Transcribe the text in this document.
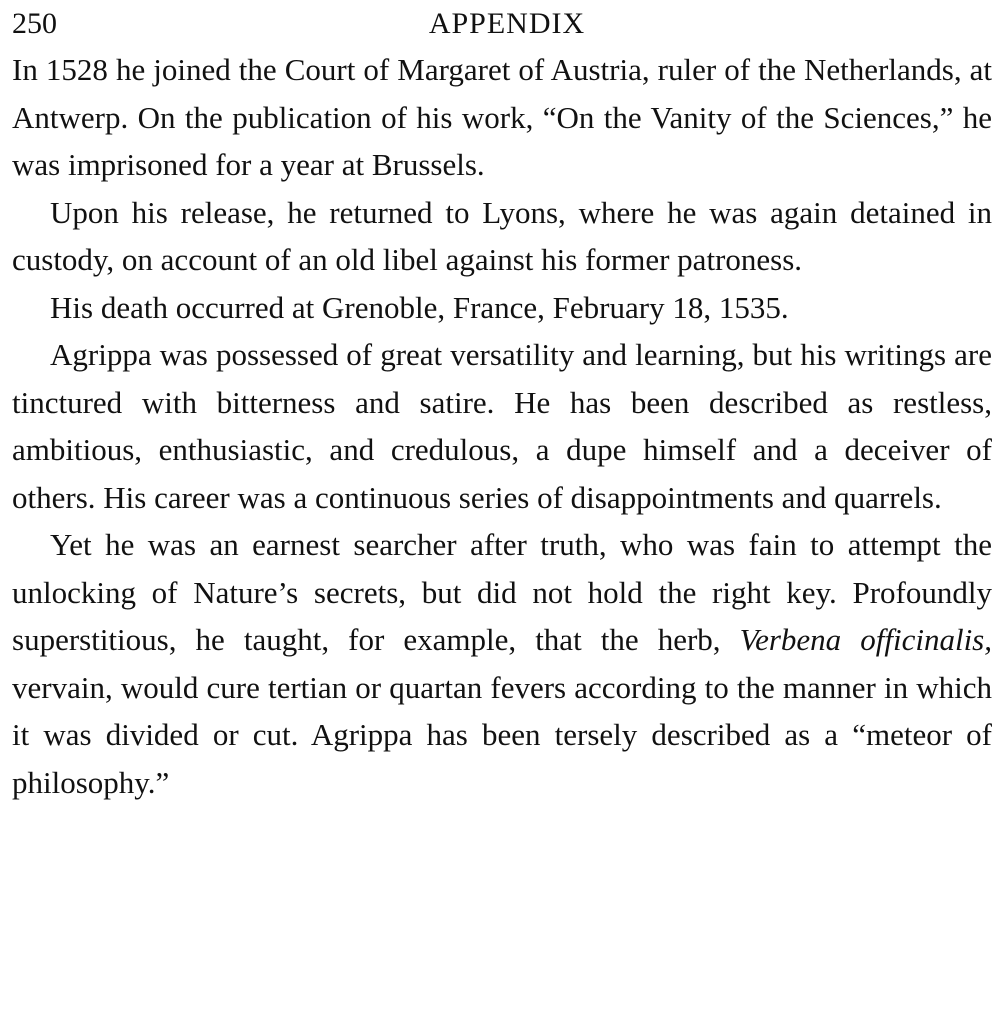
250	APPENDIX

In 1528 he joined the Court of Margaret of Austria, ruler of the Netherlands, at Antwerp. On the publication of his work, “On the Vanity of the Sciences,” he was imprisoned for a year at Brussels.

Upon his release, he returned to Lyons, where he was again detained in custody, on account of an old libel against his former patroness.

His death occurred at Grenoble, France, February 18, 1535.

Agrippa was possessed of great versatility and learning, but his writings are tinctured with bitterness and satire. He has been described as restless, ambitious, enthusiastic, and credulous, a dupe himself and a deceiver of others. His career was a continuous series of disappointments and quarrels.

Yet he was an earnest searcher after truth, who was fain to attempt the unlocking of Nature’s secrets, but did not hold the right key. Profoundly superstitious, he taught, for example, that the herb, Verbena officinalis, vervain, would cure tertian or quartan fevers according to the manner in which it was divided or cut. Agrippa has been tersely described as a “meteor of philosophy.”
